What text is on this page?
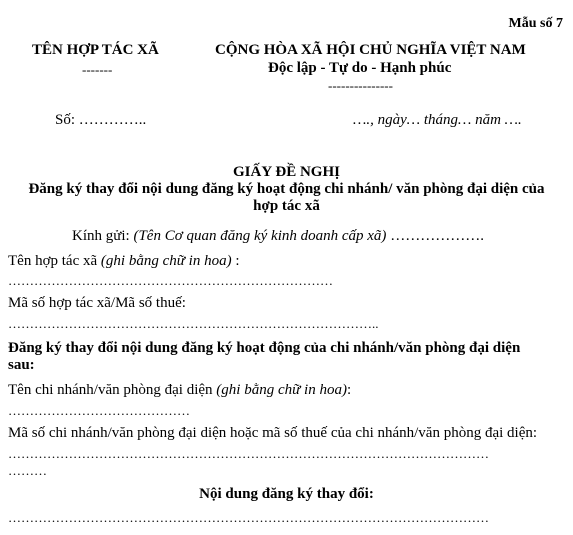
Mẫu số 7
TÊN HỢP TÁC XÃ
-------
CỘNG HÒA XÃ HỘI CHỦ NGHĨA VIỆT NAM
Độc lập - Tự do - Hạnh phúc
---------------
Số: …………..	…., ngày… tháng… năm ….
GIẤY ĐỀ NGHỊ
Đăng ký thay đổi nội dung đăng ký hoạt động chi nhánh/ văn phòng đại diện của
hợp tác xã
Kính gửi: (Tên Cơ quan đăng ký kinh doanh cấp xã) ……………….
Tên hợp tác xã (ghi bằng chữ in hoa) :
…………………………………………………………………
Mã số hợp tác xã/Mã số thuế:
…………………………………………………………………………..
Đăng ký thay đổi nội dung đăng ký hoạt động của chi nhánh/văn phòng đại diện
sau:
Tên chi nhánh/văn phòng đại diện (ghi bằng chữ in hoa):
……………………………………
Mã số chi nhánh/văn phòng đại diện hoặc mã số thuế của chi nhánh/văn phòng đại diện:
…………………………………………………………………………………………………
………
Nội dung đăng ký thay đổi:
…………………………………………………………………………………………………
